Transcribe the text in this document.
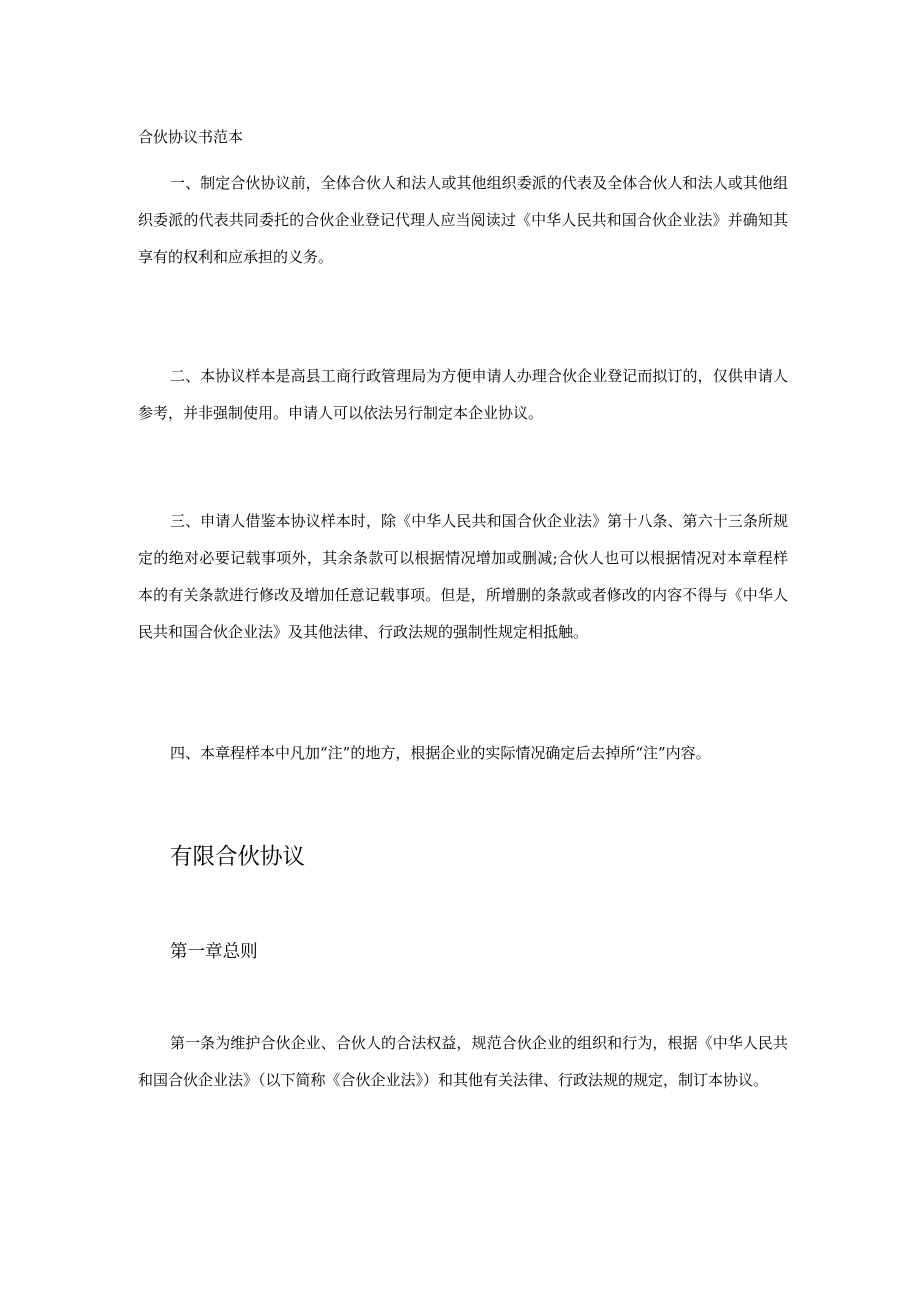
合伙协议书范本

一、制定合伙协议前，全体合伙人和法人或其他组织委派的代表及全体合伙人和法人或其他组织委派的代表共同委托的合伙企业登记代理人应当阅读过《中华人民共和国合伙企业法》并确知其享有的权利和应承担的义务。

二、本协议样本是高县工商行政管理局为方便申请人办理合伙企业登记而拟订的，仅供申请人参考，并非强制使用。申请人可以依法另行制定本企业协议。

三、申请人借鉴本协议样本时，除《中华人民共和国合伙企业法》第十八条、第六十三条所规定的绝对必要记载事项外，其余条款可以根据情况增加或删减;合伙人也可以根据情况对本章程样本的有关条款进行修改及增加任意记载事项。但是，所增删的条款或者修改的内容不得与《中华人民共和国合伙企业法》及其他法律、行政法规的强制性规定相抵触。

四、本章程样本中凡加“注”的地方，根据企业的实际情况确定后去掉所“注”内容。

有限合伙协议
第一章总则

第一条为维护合伙企业、合伙人的合法权益，规范合伙企业的组织和行为，根据《中华人民共和国合伙企业法》（以下简称《合伙企业法》）和其他有关法律、行政法规的规定，制订本协议。
